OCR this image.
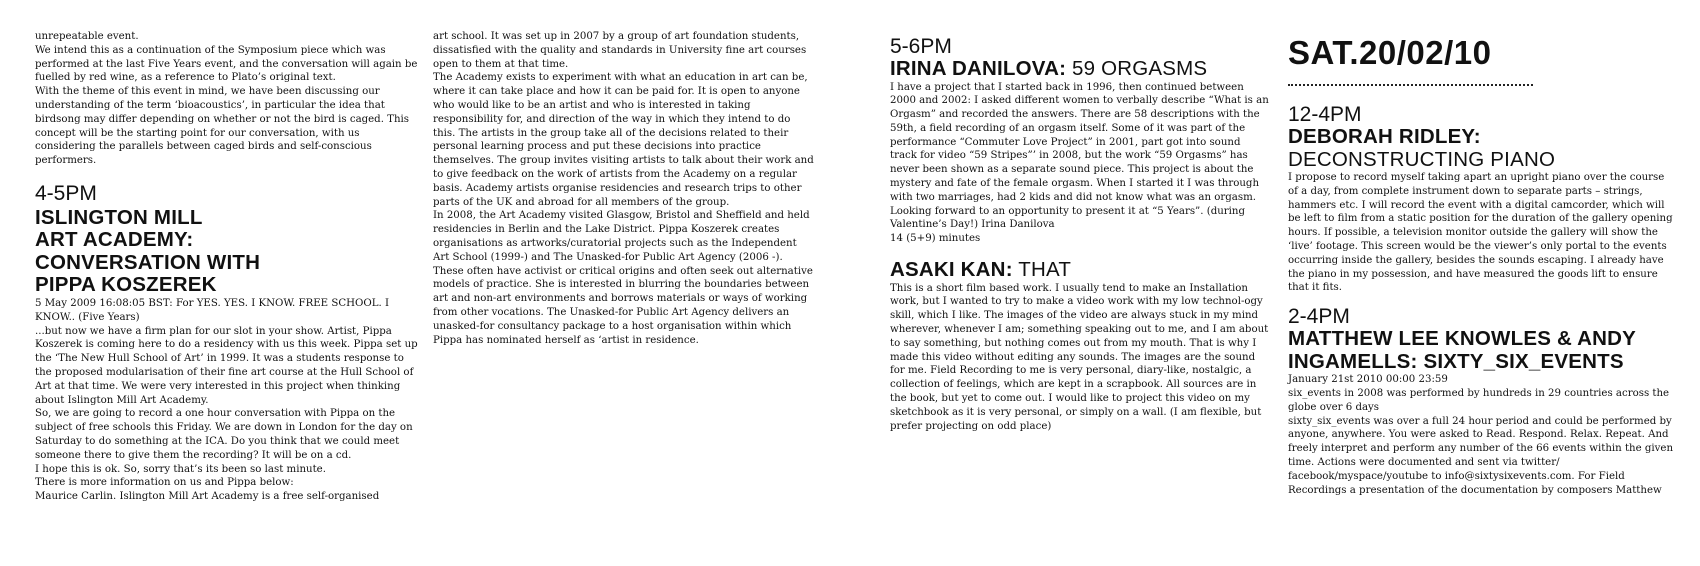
unrepeatable event.

We intend this as a continuation of the Symposium piece which was performed at the last Five Years event, and the conversation will again be fuelled by red wine, as a reference to Plato’s original text.

With the theme of this event in mind, we have been discussing our understanding of the term ‘bioacoustics’, in particular the idea that birdsong may differ depending on whether or not the bird is caged. This concept will be the starting point for our conversation, with us considering the parallels between caged birds and self-conscious performers.

4-5PM
ISLINGTON MILL
ART ACADEMY:
CONVERSATION WITH
PIPPA KOSZEREK

5 May 2009 16:08:05 BST: For YES. YES. I KNOW. FREE SCHOOL. I KNOW.. (Five Years)

...but now we have a firm plan for our slot in your show. Artist, Pippa Koszerek is coming here to do a residency with us this week. Pippa set up the ‘The New Hull School of Art’ in 1999. It was a students response to the proposed modularisation of their fine art course at the Hull School of Art at that time. We were very interested in this project when thinking about Islington Mill Art Academy.

So, we are going to record a one hour conversation with Pippa on the subject of free schools this Friday. We are down in London for the day on Saturday to do something at the ICA. Do you think that we could meet someone there to give them the recording? It will be on a cd.

I hope this is ok. So, sorry that’s its been so last minute.

There is more information on us and Pippa below:

Maurice Carlin. Islington Mill Art Academy is a free self-organised

art school. It was set up in 2007 by a group of art foundation students, dissatisfied with the quality and standards in University fine art courses open to them at that time.

The Academy exists to experiment with what an education in art can be, where it can take place and how it can be paid for. It is open to anyone who would like to be an artist and who is interested in taking responsibility for, and direction of the way in which they intend to do this. The artists in the group take all of the decisions related to their personal learning process and put these decisions into practice themselves. The group invites visiting artists to talk about their work and to give feedback on the work of artists from the Academy on a regular basis. Academy artists organise residencies and research trips to other parts of the UK and abroad for all members of the group.

In 2008, the Art Academy visited Glasgow, Bristol and Sheffield and held residencies in Berlin and the Lake District. Pippa Koszerek creates organisations as artworks/curatorial projects such as the Independent Art School (1999-) and The Unasked-for Public Art Agency (2006 -). These often have activist or critical origins and often seek out alternative models of practice. She is interested in blurring the boundaries between art and non-art environments and borrows materials or ways of working from other vocations. The Unasked-for Public Art Agency delivers an unasked-for consultancy package to a host organisation within which Pippa has nominated herself as ‘artist in residence.

5-6PM
IRINA DANILOVA: 59 ORGASMS

I have a project that I started back in 1996, then continued between 2000 and 2002: I asked different women to verbally describe “What is an Orgasm” and recorded the answers. There are 58 descriptions with the 59th, a field recording of an orgasm itself. Some of it was part of the performance “Commuter Love Project” in 2001, part got into sound track for video “59 Stripes”’ in 2008, but the work “59 Orgasms” has never been shown as a separate sound piece. This project is about the mystery and fate of the female orgasm. When I started it I was through with two marriages, had 2 kids and did not know what was an orgasm. Looking forward to an opportunity to present it at “5 Years”. (during Valentine’s Day!) Irina Danilova

14 (5+9) minutes

ASAKI KAN: THAT

This is a short film based work. I usually tend to make an Installation work, but I wanted to try to make a video work with my low technol-ogy skill, which I like. The images of the video are always stuck in my mind wherever, whenever I am; something speaking out to me, and I am about to say something, but nothing comes out from my mouth. That is why I made this video without editing any sounds. The images are the sound for me. Field Recording to me is very personal, diary-like, nostalgic, a collection of feelings, which are kept in a scrapbook. All sources are in the book, but yet to come out. I would like to project this video on my sketchbook as it is very personal, or simply on a wall. (I am flexible, but prefer projecting on odd place)

SAT.20/02/10
12-4PM
DEBORAH RIDLEY:
DECONSTRUCTING PIANO

I propose to record myself taking apart an upright piano over the course of a day, from complete instrument down to separate parts – strings, hammers etc. I will record the event with a digital camcorder, which will be left to film from a static position for the duration of the gallery opening hours. If possible, a television monitor outside the gallery will show the ‘live’ footage. This screen would be the viewer’s only portal to the events occurring inside the gallery, besides the sounds escaping. I already have the piano in my possession, and have measured the goods lift to ensure that it fits.

2-4PM
MATTHEW LEE KNOWLES & ANDY
INGAMELLS: SIXTY_SIX_EVENTS

January 21st 2010 00:00 23:59

six_events in 2008 was performed by hundreds in 29 countries across the globe over 6 days

sixty_six_events was over a full 24 hour period and could be performed by anyone, anywhere. You were asked to Read. Respond. Relax. Repeat. And freely interpret and perform any number of the 66 events within the given time. Actions were documented and sent via twitter/ facebook/myspace/youtube to info@sixtysixevents.com. For Field Recordings a presentation of the documentation by composers Matthew
